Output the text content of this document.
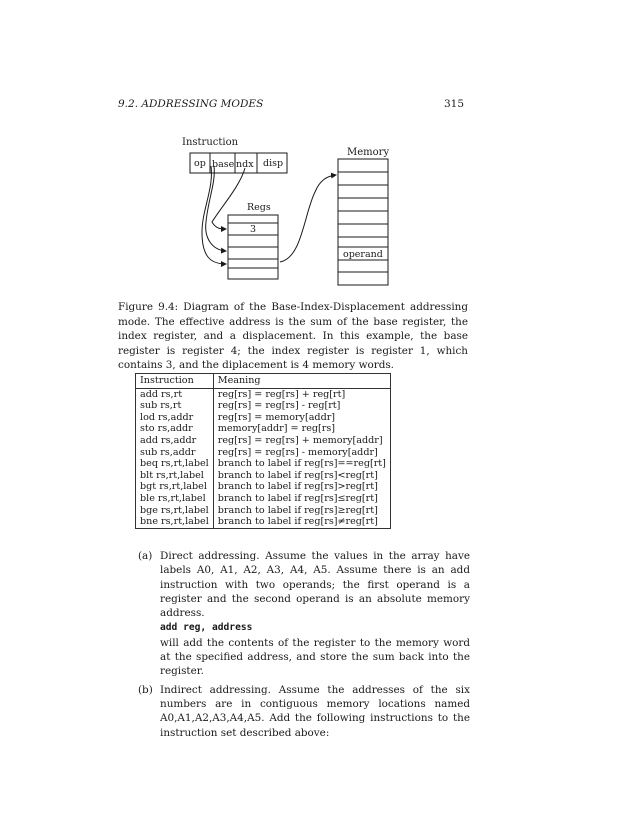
9.2. ADDRESSING MODES	315
Instruction
op base ndx disp
Regs
3
Memory
operand
Figure 9.4: Diagram of the Base-Index-Displacement addressing mode. The effective address is the sum of the base register, the index register, and a displacement. In this example, the base register is register 4; the index register is register 1, which contains 3, and the diplacement is 4 memory words.
Instruction	Meaning
add rs,rt	reg[rs] = reg[rs] + reg[rt]
sub rs,rt	reg[rs] = reg[rs] - reg[rt]
lod rs,addr	reg[rs] = memory[addr]
sto rs,addr	memory[addr] = reg[rs]
add rs,addr	reg[rs] = reg[rs] + memory[addr]
sub rs,addr	reg[rs] = reg[rs] - memory[addr]
beq rs,rt,label	branch to label if reg[rs]==reg[rt]
blt rs,rt,label	branch to label if reg[rs]<reg[rt]
bgt rs,rt,label	branch to label if reg[rs]>reg[rt]
ble rs,rt,label	branch to label if reg[rs]≤reg[rt]
bge rs,rt,label	branch to label if reg[rs]≥reg[rt]
bne rs,rt,label	branch to label if reg[rs]≠reg[rt]
(a) Direct addressing. Assume the values in the array have labels A0, A1, A2, A3, A4, A5. Assume there is an add instruction with two operands; the first operand is a register and the second operand is an absolute memory address.
add reg, address
will add the contents of the register to the memory word at the specified address, and store the sum back into the register.
(b) Indirect addressing. Assume the addresses of the six numbers are in contiguous memory locations named A0,A1,A2,A3,A4,A5. Add the following instructions to the instruction set described above:
